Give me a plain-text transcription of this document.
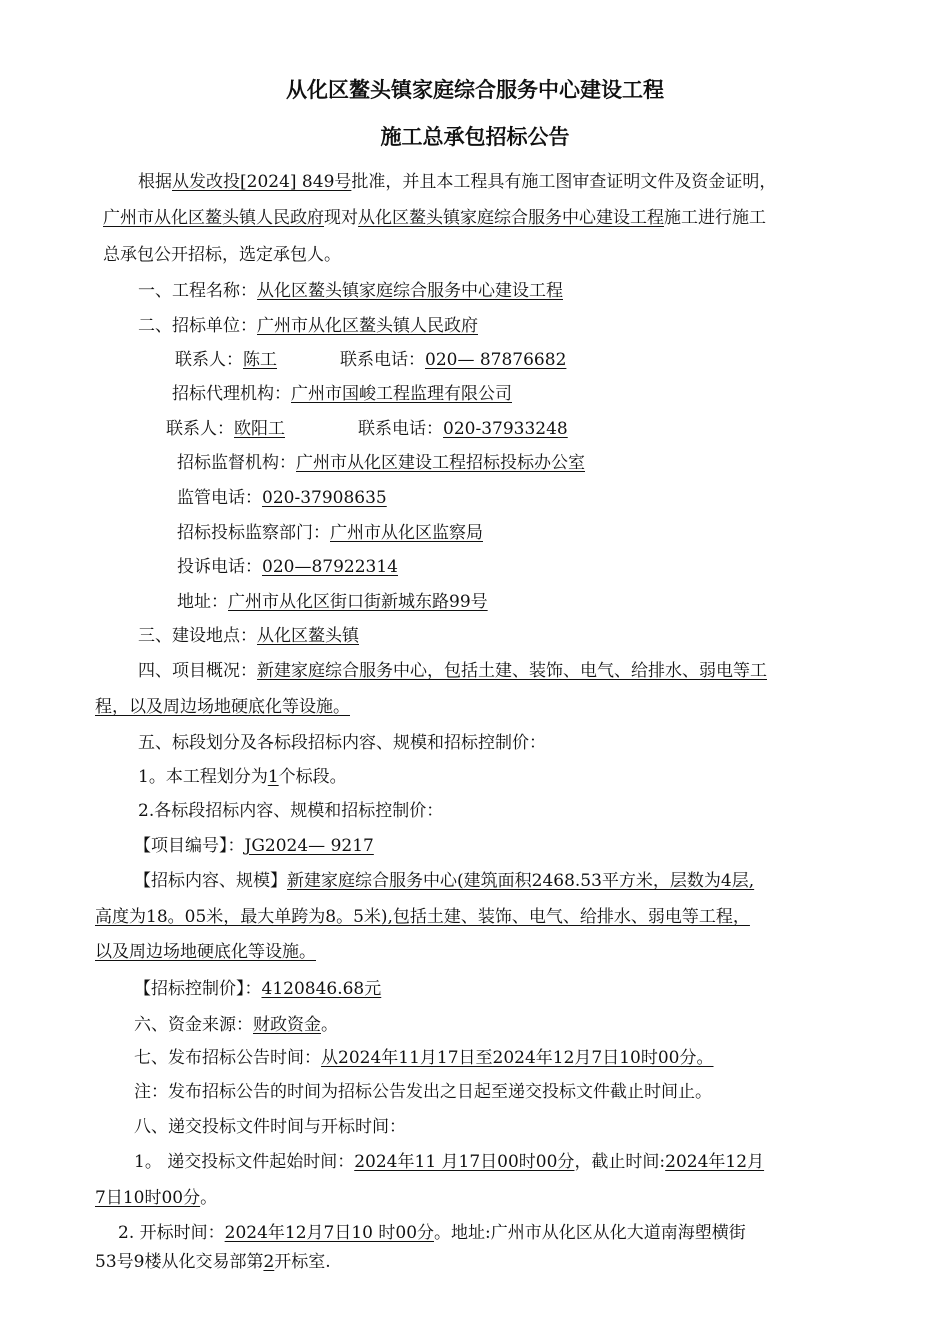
从化区鳌头镇家庭综合服务中心建设工程
施工总承包招标公告
根据从发改投[2024] 849号批准，并且本工程具有施工图审查证明文件及资金证明，
广州市从化区鳌头镇人民政府现对从化区鳌头镇家庭综合服务中心建设工程施工进行施工
总承包公开招标，选定承包人。
一、工程名称：从化区鳌头镇家庭综合服务中心建设工程
二、招标单位：广州市从化区鳌头镇人民政府
联系人：陈工	联系电话：020— 87876682
招标代理机构：广州市国峻工程监理有限公司
联系人：欧阳工	联系电话：020-37933248
招标监督机构：广州市从化区建设工程招标投标办公室
监管电话：020-37908635
招标投标监察部门：广州市从化区监察局
投诉电话：020—87922314
地址：广州市从化区街口街新城东路99号
三、建设地点：从化区鳌头镇
四、项目概况：新建家庭综合服务中心，包括土建、装饰、电气、给排水、弱电等工
程，以及周边场地硬底化等设施。
五、标段划分及各标段招标内容、规模和招标控制价：
1。本工程划分为1个标段。
2.各标段招标内容、规模和招标控制价：
【项目编号】：JG2024— 9217
【招标内容、规模】新建家庭综合服务中心(建筑面积2468.53平方米，层数为4层,
高度为18。05米，最大单跨为8。5米),包括土建、装饰、电气、给排水、弱电等工程，
以及周边场地硬底化等设施。
【招标控制价】：4120846.68元
六、资金来源：财政资金。
七、发布招标公告时间：从2024年11月17日至2024年12月7日10时00分。
注：发布招标公告的时间为招标公告发出之日起至递交投标文件截止时间止。
八、递交投标文件时间与开标时间：
1。 递交投标文件起始时间：2024年11 月17日00时00分，截止时间:2024年12月
7日10时00分。
2. 开标时间：2024年12月7日10 时00分。地址:广州市从化区从化大道南海塱横街
53号9楼从化交易部第2开标室.
